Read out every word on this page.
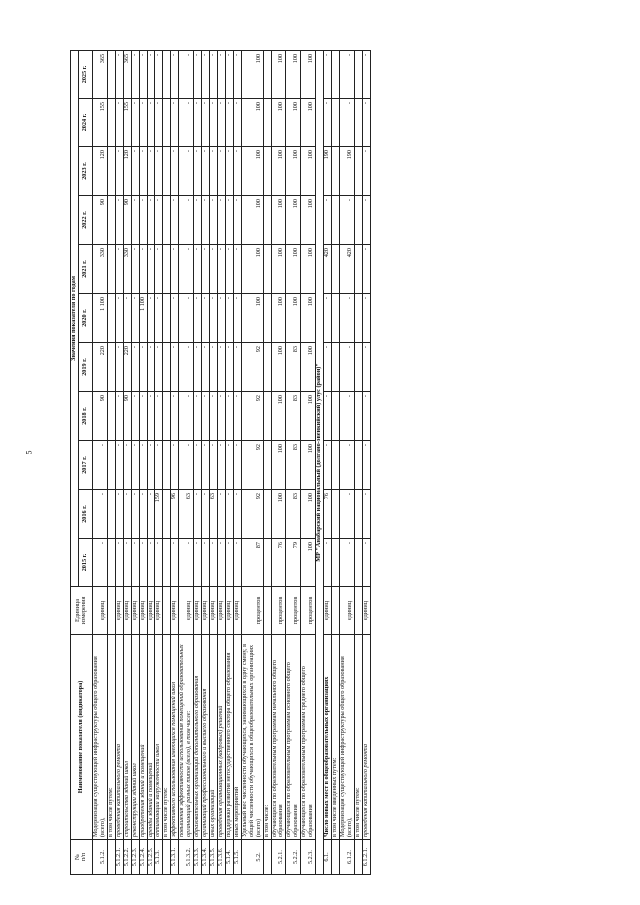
5
№
п/п	Наименование показателя (индикатора)	Единица измерения	Значения показателя по годам										
			2015 г.	2016 г.	2017 г.	2018 г.	2019 г.	2020 г.	2021 г.	2022 г.	2023 г.	2024 г.	2025 г.
5.1.2.	Модернизация существующей инфраструктуры общего образования (всего),	единиц	-	-	-	90	220	1 100	330	90	120	155	365
	в том числе путем:												
5.1.2.1.	проведения капитального ремонта	единиц	-	-	-	-	-	-	-	-	-	-	-
5.1.2.2.	строительства зданий школ	единиц	-	-	-	90	220	-	330	90	120	155	365
5.1.2.3.	реконструкции зданий школ	единиц	-	-	-	-	-	-	-	-	-	-	-
5.1.2.4.	приобретения зданий и помещений	единиц	-	-	-	-	-	1 100	-	-	-	-	-
5.1.2.5.	аренды зданий и помещений	единиц	-	-	-	-	-	-	-	-	-	-	-
5.1.3.	оптимизации загруженности школ	единиц	-	159	-	-	-	-	-	-	-	-	-
	в том числе путем:												
5.1.3.1.	эффективного использования имеющихся помещений школ	единиц	-	96	-	-	-	-	-	-	-	-	-
5.1.3.2.	повышения эффективности использования помещений образовательных организаций разных типов (всего), в том числе:	единиц	-	63	-	-	-	-	-	-	-	-	-
5.1.3.3.	образовательных организаций дополнительного образования	единиц	-	-	-	-	-	-	-	-	-	-	-
5.1.3.4.	организаций профессионального и высшего образования	единиц	-	-	-	-	-	-	-	-	-	-	-
5.1.3.5.	иных организаций	единиц	-	63	-	-	-	-	-	-	-	-	-
5.1.3.6.	проведения организационных (кадровых) решений	единиц	-	-	-	-	-	-	-	-	-	-	-
5.1.4.	поддержки развития негосударственного сектора общего образования	единиц	-	-	-	-	-	-	-	-	-	-	-
5.1.5.	иных мероприятий	единиц	-	-	-	-	-	-	-	-	-	-	-
5.2.	Удельный вес численности обучающихся, занимающихся в одну смену, в общей численности обучающихся в общеобразовательных организациях (всего)	процентов	87	92	92	92	92	100	100	100	100	100	100
	в том числе:												
5.2.1.	обучающихся по образовательным программам начального общего образования	процентов	76	100	100	100	100	100	100	100	100	100	100
5.2.2.	обучающихся по образовательным программам основного общего образования	процентов	79	83	83	83	83	100	100	100	100	100	100
5.2.3.	обучающихся по образовательным программам среднего общего образования	процентов	100	100	100	100	100	100	100	100	100	100	100
МР "Анабарский национальный (долгано-эвенкийский) улус (район)"													
6.1.	Число новых мест в общеобразовательных организациях	единиц	-	76	-	-	-	-	420	-	190	-	-
	в том числе введенных путем:												
6.1.2.	Модернизация существующей инфраструктуры общего образования (всего),	единиц	-	-	-	-	-	-	420	-	190	-	-
	в том числе путем:												
6.1.2.1.	проведения капитального ремонта	единиц	-	-	-	-	-	-	-	-	-	-	-
